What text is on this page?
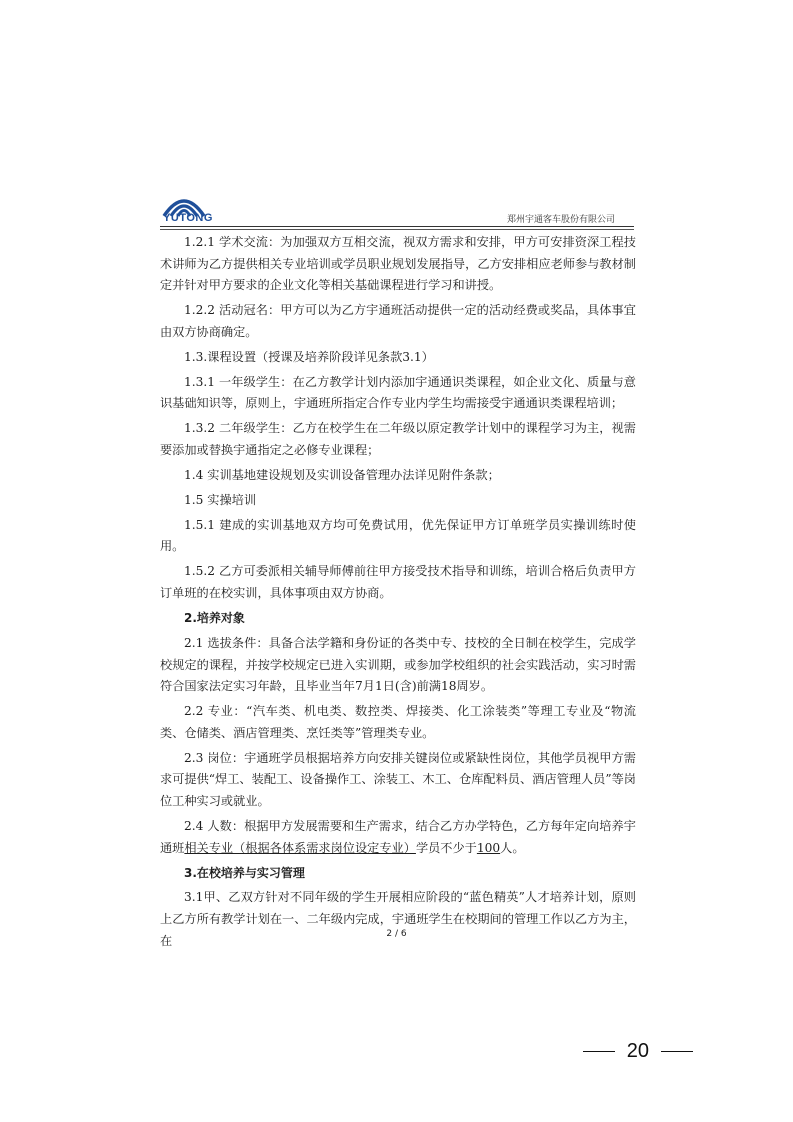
YUTONG	郑州宇通客车股份有限公司

1.2.1 学术交流：为加强双方互相交流，视双方需求和安排，甲方可安排资深工程技术讲师为乙方提供相关专业培训或学员职业规划发展指导，乙方安排相应老师参与教材制定并针对甲方要求的企业文化等相关基础课程进行学习和讲授。

1.2.2 活动冠名：甲方可以为乙方宇通班活动提供一定的活动经费或奖品，具体事宜由双方协商确定。

1.3.课程设置（授课及培养阶段详见条款3.1）

1.3.1 一年级学生：在乙方教学计划内添加宇通通识类课程，如企业文化、质量与意识基础知识等，原则上，宇通班所指定合作专业内学生均需接受宇通通识类课程培训；

1.3.2 二年级学生：乙方在校学生在二年级以原定教学计划中的课程学习为主，视需要添加或替换宇通指定之必修专业课程；

1.4 实训基地建设规划及实训设备管理办法详见附件条款；

1.5 实操培训

1.5.1 建成的实训基地双方均可免费试用，优先保证甲方订单班学员实操训练时使用。

1.5.2 乙方可委派相关辅导师傅前往甲方接受技术指导和训练，培训合格后负责甲方订单班的在校实训，具体事项由双方协商。

2.培养对象

2.1 选拔条件：具备合法学籍和身份证的各类中专、技校的全日制在校学生，完成学校规定的课程，并按学校规定已进入实训期，或参加学校组织的社会实践活动，实习时需符合国家法定实习年龄，且毕业当年7月1日(含)前满18周岁。

2.2 专业：“汽车类、机电类、数控类、焊接类、化工涂装类”等理工专业及“物流类、仓储类、酒店管理类、烹饪类等”管理类专业。

2.3 岗位：宇通班学员根据培养方向安排关键岗位或紧缺性岗位，其他学员视甲方需求可提供“焊工、装配工、设备操作工、涂装工、木工、仓库配料员、酒店管理人员”等岗位工种实习或就业。

2.4 人数：根据甲方发展需要和生产需求，结合乙方办学特色，乙方每年定向培养宇通班相关专业（根据各体系需求岗位设定专业）学员不少于100人。

3.在校培养与实习管理

3.1甲、乙双方针对不同年级的学生开展相应阶段的“蓝色精英”人才培养计划，原则上乙方所有教学计划在一、二年级内完成，宇通班学生在校期间的管理工作以乙方为主，在	2 / 6
20
